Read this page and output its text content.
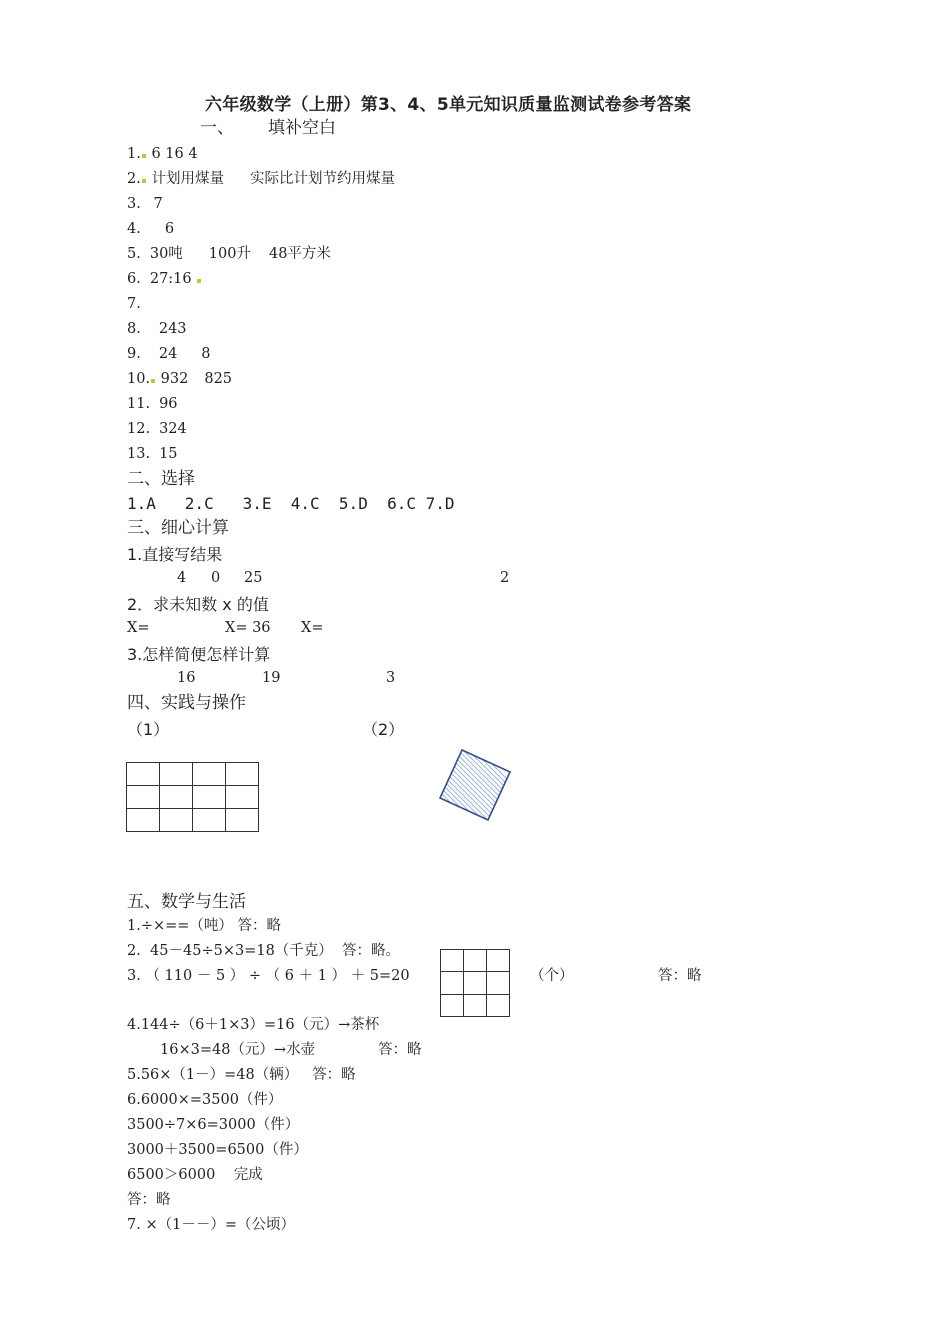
六年级数学（上册）第3、4、5单元知识质量监测试卷参考答案
一、 填补空白
1. 6 16 4
2. 计划用煤量 实际比计划节约用煤量
3. 7
4. 6
5. 30吨 100升 48平方米
6. 27:16
7.
8. 243
9. 24 8
10. 932 825
11. 96
12. 324
13. 15
二、选择
1.A   2.C   3.E  4.C  5.D  6.C 7.D
三、细心计算
1.直接写结果
4 0 25	2
2．求未知数 x 的值
X=	X= 36 X=
3.怎样简便怎样计算
16	19	3
四、实践与操作
（1）	（2）

五、数学与生活
1.÷×==（吨） 答：略
2.  45－45÷5×3=18（千克）  答：略。
3. （ 110 － 5 ） ÷ （ 6 ＋ 1 ） ＋ 5=20

			（个）	答：略
4.144÷（6＋1×3）=16（元）→茶杯
16×3=48（元）→水壶	答：略
5.56×（1－）=48（辆）   答：略
6.6000×=3500（件）
3500÷7×6=3000（件）
3000＋3500=6500（件）
6500＞6000    完成
答：略
7. ×（1－－）=（公顷）
